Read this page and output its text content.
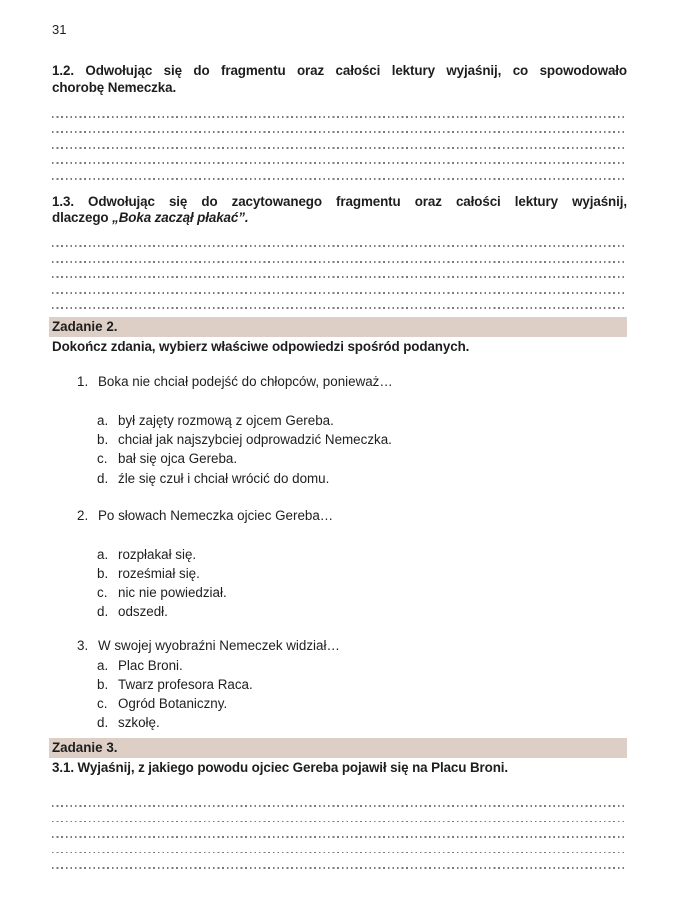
31

1.2. Odwołując się do fragmentu oraz całości lektury wyjaśnij, co spowodowało

chorobę Nemeczka.

1.3. Odwołując się do zacytowanego fragmentu oraz całości lektury wyjaśnij,

dlaczego „Boka zaczął płakać”.

Zadanie 2.

Dokończ zdania, wybierz właściwe odpowiedzi spośród podanych.

1. Boka nie chciał podejść do chłopców, ponieważ…
a. był zajęty rozmową z ojcem Gereba.
b. chciał jak najszybciej odprowadzić Nemeczka.
c. bał się ojca Gereba.
d. źle się czuł i chciał wrócić do domu.
2. Po słowach Nemeczka ojciec Gereba…
a. rozpłakał się.
b. roześmiał się.
c. nic nie powiedział.
d. odszedł.
3. W swojej wyobraźni Nemeczek widział…
a. Plac Broni.
b. Twarz profesora Raca.
c. Ogród Botaniczny.
d. szkołę.
Zadanie 3.

3.1. Wyjaśnij, z jakiego powodu ojciec Gereba pojawił się na Placu Broni.
